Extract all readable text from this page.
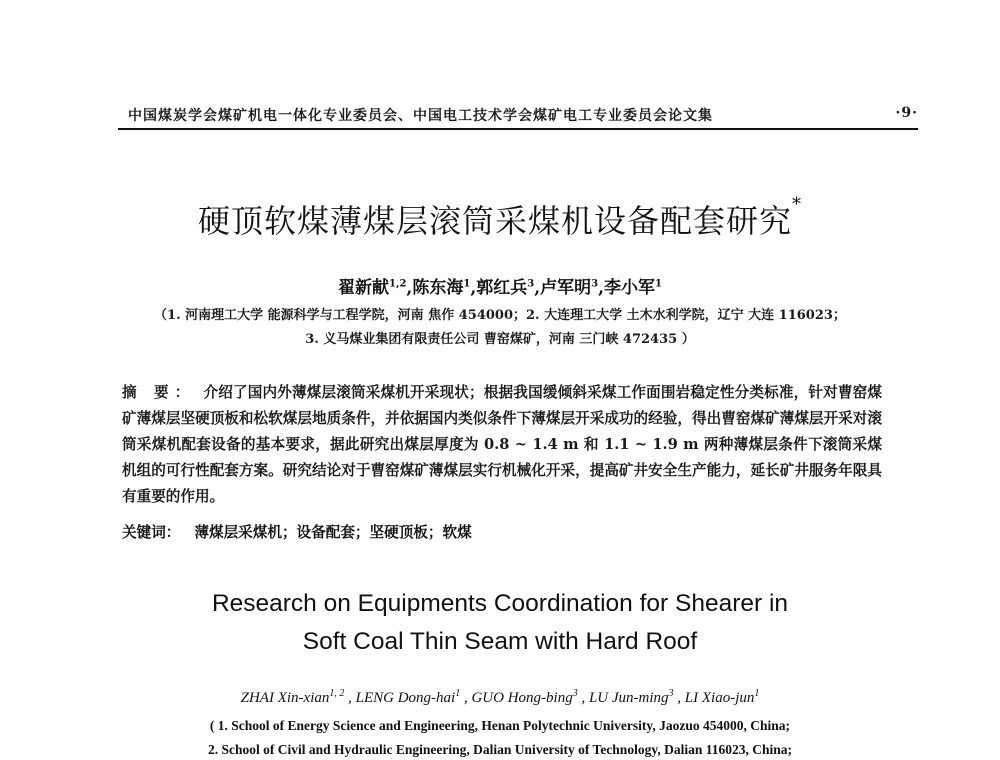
中国煤炭学会煤矿机电一体化专业委员会、中国电工技术学会煤矿电工专业委员会论文集	·9·
硬顶软煤薄煤层滚筒采煤机设备配套研究*
翟新献$^{1,2}$,陈东海$^1$,郭红兵$^3$,卢军明$^3$,李小军$^1$
（1. 河南理工大学 能源科学与工程学院，河南 焦作 454000；2. 大连理工大学 土木水利学院，辽宁 大连 116023；
3. 义马煤业集团有限责任公司 曹窑煤矿，河南 三门峡 472435 ）
摘 要： 介绍了国内外薄煤层滚筒采煤机开采现状；根据我国缓倾斜采煤工作面围岩稳定性分类标准，针对曹窑煤矿薄煤层坚硬顶板和松软煤层地质条件，并依据国内类似条件下薄煤层开采成功的经验，得出曹窑煤矿薄煤层开采对滚筒采煤机配套设备的基本要求，据此研究出煤层厚度为 0.8 ~ 1.4 m 和 1.1 ~ 1.9 m 两种薄煤层条件下滚筒采煤机组的可行性配套方案。研究结论对于曹窑煤矿薄煤层实行机械化开采，提高矿井安全生产能力，延长矿井服务年限具有重要的作用。
关键词： 薄煤层采煤机；设备配套；坚硬顶板；软煤
Research on Equipments Coordination for Shearer in
Soft Coal Thin Seam with Hard Roof
ZHAI Xin-xian$^{1, 2}$ , LENG Dong-hai$^1$ , GUO Hong-bing$^3$ , LU Jun-ming$^3$ , LI Xiao-jun$^1$
( 1. School of Energy Science and Engineering, Henan Polytechnic University, Jaozuo 454000, China;
2. School of Civil and Hydraulic Engineering, Dalian University of Technology, Dalian 116023, China;
